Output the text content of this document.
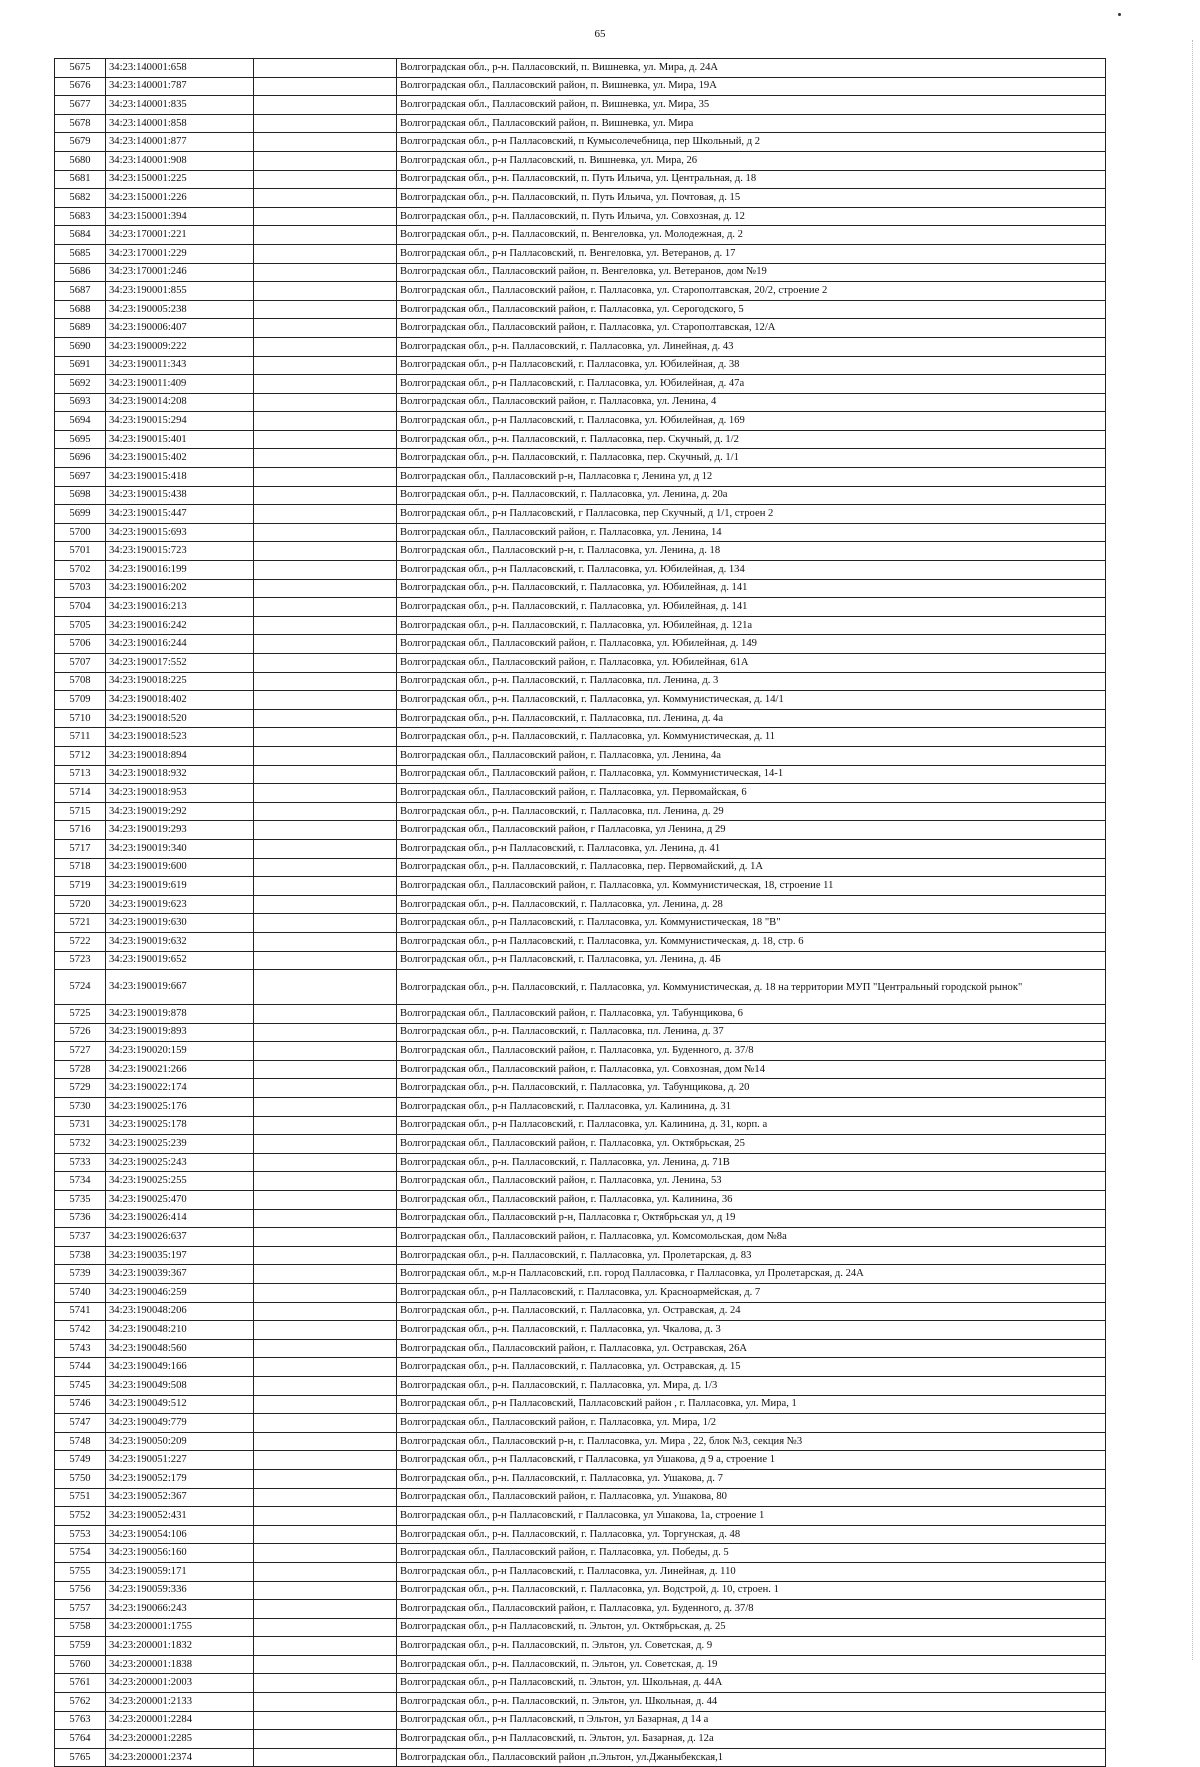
65
5675	34:23:140001:658		Волгоградская обл., р-н. Палласовский, п. Вишневка, ул. Мира, д. 24А
5676	34:23:140001:787		Волгоградская обл., Палласовский район, п. Вишневка, ул. Мира, 19А
5677	34:23:140001:835		Волгоградская обл., Палласовский район, п. Вишневка, ул. Мира, 35
5678	34:23:140001:858		Волгоградская обл., Палласовский район, п. Вишневка, ул. Мира
5679	34:23:140001:877		Волгоградская обл., р-н Палласовский, п Кумысолечебница, пер Школьный, д 2
5680	34:23:140001:908		Волгоградская обл., р-н Палласовский, п. Вишневка, ул. Мира, 26
5681	34:23:150001:225		Волгоградская обл., р-н. Палласовский, п. Путь Ильича, ул. Центральная, д. 18
5682	34:23:150001:226		Волгоградская обл., р-н. Палласовский, п. Путь Ильича, ул. Почтовая, д. 15
5683	34:23:150001:394		Волгоградская обл., р-н. Палласовский, п. Путь Ильича, ул. Совхозная, д. 12
5684	34:23:170001:221		Волгоградская обл., р-н. Палласовский, п. Венгеловка, ул. Молодежная, д. 2
5685	34:23:170001:229		Волгоградская обл., р-н Палласовский, п. Венгеловка, ул. Ветеранов, д. 17
5686	34:23:170001:246		Волгоградская обл., Палласовский район, п. Венгеловка, ул. Ветеранов, дом №19
5687	34:23:190001:855		Волгоградская обл., Палласовский район, г. Палласовка, ул. Старополтавская, 20/2, строение 2
5688	34:23:190005:238		Волгоградская обл., Палласовский район, г. Палласовка, ул. Серогодского, 5
5689	34:23:190006:407		Волгоградская обл., Палласовский район, г. Палласовка, ул. Старополтавская, 12/А
5690	34:23:190009:222		Волгоградская обл., р-н. Палласовский, г. Палласовка, ул. Линейная, д. 43
5691	34:23:190011:343		Волгоградская обл., р-н Палласовский, г. Палласовка, ул. Юбилейная, д. 38
5692	34:23:190011:409		Волгоградская обл., р-н Палласовский, г. Палласовка, ул. Юбилейная, д. 47а
5693	34:23:190014:208		Волгоградская обл., Палласовский район, г. Палласовка, ул. Ленина, 4
5694	34:23:190015:294		Волгоградская обл., р-н Палласовский, г. Палласовка, ул. Юбилейная, д. 169
5695	34:23:190015:401		Волгоградская обл., р-н. Палласовский, г. Палласовка, пер. Скучный, д. 1/2
5696	34:23:190015:402		Волгоградская обл., р-н. Палласовский, г. Палласовка, пер. Скучный, д. 1/1
5697	34:23:190015:418		Волгоградская обл., Палласовский р-н, Палласовка г, Ленина ул, д 12
5698	34:23:190015:438		Волгоградская обл., р-н. Палласовский, г. Палласовка, ул. Ленина, д. 20а
5699	34:23:190015:447		Волгоградская обл., р-н Палласовский, г Палласовка, пер Скучный, д 1/1, строен 2
5700	34:23:190015:693		Волгоградская обл., Палласовский район, г. Палласовка, ул. Ленина, 14
5701	34:23:190015:723		Волгоградская обл., Палласовский р-н, г. Палласовка, ул. Ленина, д. 18
5702	34:23:190016:199		Волгоградская обл., р-н Палласовский, г. Палласовка, ул. Юбилейная, д. 134
5703	34:23:190016:202		Волгоградская обл., р-н. Палласовский, г. Палласовка, ул. Юбилейная, д. 141
5704	34:23:190016:213		Волгоградская обл., р-н. Палласовский, г. Палласовка, ул. Юбилейная, д. 141
5705	34:23:190016:242		Волгоградская обл., р-н. Палласовский, г. Палласовка, ул. Юбилейная, д. 121а
5706	34:23:190016:244		Волгоградская обл., Палласовский район, г. Палласовка, ул. Юбилейная, д. 149
5707	34:23:190017:552		Волгоградская обл., Палласовский район, г. Палласовка, ул. Юбилейная, 61А
5708	34:23:190018:225		Волгоградская обл., р-н. Палласовский, г. Палласовка, пл. Ленина, д. 3
5709	34:23:190018:402		Волгоградская обл., р-н. Палласовский, г. Палласовка, ул. Коммунистическая, д. 14/1
5710	34:23:190018:520		Волгоградская обл., р-н. Палласовский, г. Палласовка, пл. Ленина, д. 4а
5711	34:23:190018:523		Волгоградская обл., р-н. Палласовский, г. Палласовка, ул. Коммунистическая, д. 11
5712	34:23:190018:894		Волгоградская обл., Палласовский район, г. Палласовка, ул. Ленина, 4а
5713	34:23:190018:932		Волгоградская обл., Палласовский район, г. Палласовка, ул. Коммунистическая, 14-1
5714	34:23:190018:953		Волгоградская обл., Палласовский район, г. Палласовка, ул. Первомайская, 6
5715	34:23:190019:292		Волгоградская обл., р-н. Палласовский, г. Палласовка, пл. Ленина, д. 29
5716	34:23:190019:293		Волгоградская обл., Палласовский район, г Палласовка, ул Ленина, д 29
5717	34:23:190019:340		Волгоградская обл., р-н Палласовский, г. Палласовка, ул. Ленина, д. 41
5718	34:23:190019:600		Волгоградская обл., р-н. Палласовский, г. Палласовка, пер. Первомайский, д. 1А
5719	34:23:190019:619		Волгоградская обл., Палласовский район, г. Палласовка, ул. Коммунистическая, 18, строение 11
5720	34:23:190019:623		Волгоградская обл., р-н. Палласовский, г. Палласовка, ул. Ленина, д. 28
5721	34:23:190019:630		Волгоградская обл., р-н Палласовский, г. Палласовка, ул. Коммунистическая, 18 "В"
5722	34:23:190019:632		Волгоградская обл., р-н Палласовский, г. Палласовка, ул. Коммунистическая, д. 18, стр. 6
5723	34:23:190019:652		Волгоградская обл., р-н Палласовский, г. Палласовка, ул. Ленина, д. 4Б
5724	34:23:190019:667		Волгоградская обл., р-н. Палласовский, г. Палласовка, ул. Коммунистическая, д. 18 на территории МУП "Центральный городской рынок"
5725	34:23:190019:878		Волгоградская обл., Палласовский район, г. Палласовка, ул. Табунщикова, 6
5726	34:23:190019:893		Волгоградская обл., р-н. Палласовский, г. Палласовка, пл. Ленина, д. 37
5727	34:23:190020:159		Волгоградская обл., Палласовский район, г. Палласовка, ул. Буденного, д. 37/8
5728	34:23:190021:266		Волгоградская обл., Палласовский район, г. Палласовка, ул. Совхозная, дом №14
5729	34:23:190022:174		Волгоградская обл., р-н. Палласовский, г. Палласовка, ул. Табунщикова, д. 20
5730	34:23:190025:176		Волгоградская обл., р-н Палласовский, г. Палласовка, ул. Калинина, д. 31
5731	34:23:190025:178		Волгоградская обл., р-н Палласовский, г. Палласовка, ул. Калинина, д. 31, корп. а
5732	34:23:190025:239		Волгоградская обл., Палласовский район, г. Палласовка, ул. Октябрьская, 25
5733	34:23:190025:243		Волгоградская обл., р-н. Палласовский, г. Палласовка, ул. Ленина, д. 71В
5734	34:23:190025:255		Волгоградская обл., Палласовский район, г. Палласовка, ул. Ленина, 53
5735	34:23:190025:470		Волгоградская обл., Палласовский район, г. Палласовка, ул. Калинина, 36
5736	34:23:190026:414		Волгоградская обл., Палласовский р-н, Палласовка г, Октябрьская ул, д 19
5737	34:23:190026:637		Волгоградская обл., Палласовский район, г. Палласовка, ул. Комсомольская, дом №8а
5738	34:23:190035:197		Волгоградская обл., р-н. Палласовский, г. Палласовка, ул. Пролетарская, д. 83
5739	34:23:190039:367		Волгоградская обл., м.р-н Палласовский, г.п. город Палласовка, г Палласовка, ул Пролетарская, д. 24А
5740	34:23:190046:259		Волгоградская обл., р-н Палласовский, г. Палласовка, ул. Красноармейская, д. 7
5741	34:23:190048:206		Волгоградская обл., р-н. Палласовский, г. Палласовка, ул. Остравская, д. 24
5742	34:23:190048:210		Волгоградская обл., р-н. Палласовский, г. Палласовка, ул. Чкалова, д. 3
5743	34:23:190048:560		Волгоградская обл., Палласовский район, г. Палласовка, ул. Остравская, 26А
5744	34:23:190049:166		Волгоградская обл., р-н. Палласовский, г. Палласовка, ул. Остравская, д. 15
5745	34:23:190049:508		Волгоградская обл., р-н. Палласовский, г. Палласовка, ул. Мира, д. 1/3
5746	34:23:190049:512		Волгоградская обл., р-н Палласовский, Палласовский район , г. Палласовка, ул. Мира, 1
5747	34:23:190049:779		Волгоградская обл., Палласовский район, г. Палласовка, ул. Мира, 1/2
5748	34:23:190050:209		Волгоградская обл., Палласовский р-н, г. Палласовка, ул. Мира , 22, блок №3, секция №3
5749	34:23:190051:227		Волгоградская обл., р-н Палласовский, г Палласовка, ул Ушакова, д 9 а, строение 1
5750	34:23:190052:179		Волгоградская обл., р-н. Палласовский, г. Палласовка, ул. Ушакова, д. 7
5751	34:23:190052:367		Волгоградская обл., Палласовский район, г. Палласовка, ул. Ушакова, 80
5752	34:23:190052:431		Волгоградская обл., р-н Палласовский, г Палласовка, ул Ушакова, 1а, строение 1
5753	34:23:190054:106		Волгоградская обл., р-н. Палласовский, г. Палласовка, ул. Торгунская, д. 48
5754	34:23:190056:160		Волгоградская обл., Палласовский район, г. Палласовка, ул. Победы, д. 5
5755	34:23:190059:171		Волгоградская обл., р-н Палласовский, г. Палласовка, ул. Линейная, д. 110
5756	34:23:190059:336		Волгоградская обл., р-н. Палласовский, г. Палласовка, ул. Водстрой, д. 10, строен. 1
5757	34:23:190066:243		Волгоградская обл., Палласовский район, г. Палласовка, ул. Буденного, д. 37/8
5758	34:23:200001:1755		Волгоградская обл., р-н Палласовский, п. Эльтон, ул. Октябрьская, д. 25
5759	34:23:200001:1832		Волгоградская обл., р-н. Палласовский, п. Эльтон, ул. Советская, д. 9
5760	34:23:200001:1838		Волгоградская обл., р-н. Палласовский, п. Эльтон, ул. Советская, д. 19
5761	34:23:200001:2003		Волгоградская обл., р-н Палласовский, п. Эльтон, ул. Школьная, д. 44А
5762	34:23:200001:2133		Волгоградская обл., р-н. Палласовский, п. Эльтон, ул. Школьная, д. 44
5763	34:23:200001:2284		Волгоградская обл., р-н Палласовский, п Эльтон, ул Базарная, д 14 а
5764	34:23:200001:2285		Волгоградская обл., р-н Палласовский, п. Эльтон, ул. Базарная, д. 12а
5765	34:23:200001:2374		Волгоградская обл., Палласовский район ,п.Эльтон, ул.Джаныбекская,1
